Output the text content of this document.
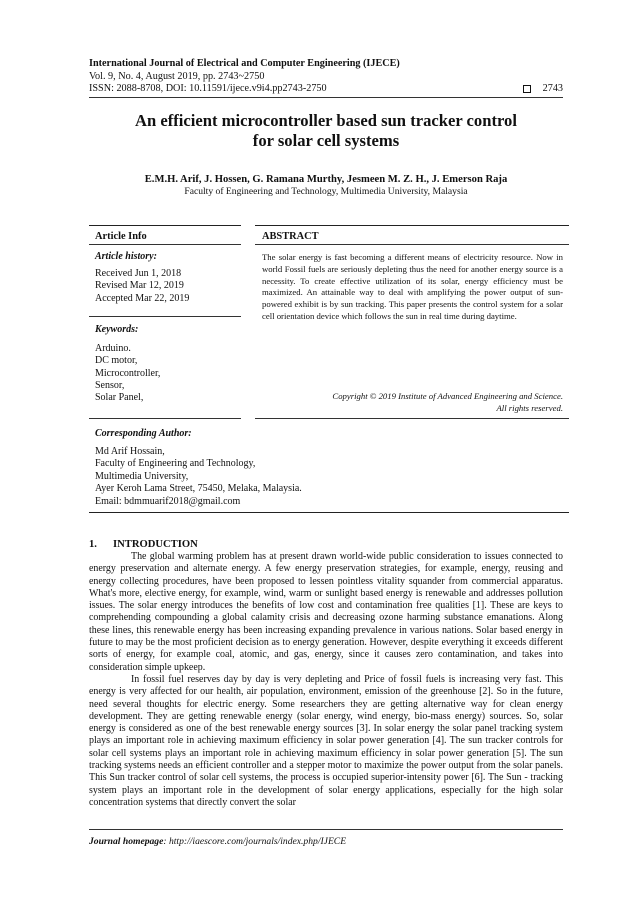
International Journal of Electrical and Computer Engineering (IJECE)
Vol. 9, No. 4, August 2019, pp. 2743~2750
ISSN: 2088-8708, DOI: 10.11591/ijece.v9i4.pp2743-2750	2743
An efficient microcontroller based sun tracker control
for solar cell systems
E.M.H. Arif, J. Hossen, G. Ramana Murthy, Jesmeen M. Z. H., J. Emerson Raja
Faculty of Engineering and Technology, Multimedia University, Malaysia
Article Info	ABSTRACT
Article history:
Received Jun 1, 2018
Revised Mar 12, 2019
Accepted Mar 22, 2019
Keywords:
Arduino.
DC motor,
Microcontroller,
Sensor,
Solar Panel,
The solar energy is fast becoming a different means of electricity resource. Now in world Fossil fuels are seriously depleting thus the need for another energy source is a necessity. To create effective utilization of its solar, energy efficiency must be maximized. An attainable way to deal with amplifying the power output of sun-powered exhibit is by sun tracking. This paper presents the control system for a solar cell orientation device which follows the sun in real time during daytime.
Copyright © 2019 Institute of Advanced Engineering and Science.
All rights reserved.
Corresponding Author:
Md Arif Hossain,
Faculty of Engineering and Technology,
Multimedia University,
Ayer Keroh Lama Street, 75450, Melaka, Malaysia.
Email: bdmmuarif2018@gmail.com
1. INTRODUCTION

The global warming problem has at present drawn world-wide public consideration to issues connected to energy preservation and alternate energy. A few energy preservation strategies, for example, energy, reusing and energy collecting procedures, have been proposed to lessen pointless vitality squander from commercial apparatus. What's more, elective energy, for example, wind, warm or sunlight based energy is renewable and addresses pollution issues. The solar energy introduces the benefits of low cost and contamination free qualities [1]. These are keys to comprehending compounding a global calamity crisis and decreasing ozone harming substance emanations. Along these lines, this renewable energy has been increasing expanding prevalence in various nations. Solar based energy in future to may be the most proficient decision as to energy generation. However, despite everything it exceeds different sorts of energy, for example coal, atomic, and gas, energy, since it causes zero contamination, and takes into consideration simple upkeep.

In fossil fuel reserves day by day is very depleting and Price of fossil fuels is increasing very fast. This energy is very affected for our health, air population, environment, emission of the greenhouse [2]. So in the future, need several thoughts for electric energy. Some researchers they are getting alternative way for clean energy development. They are getting renewable energy (solar energy, wind energy, bio-mass energy) sources. So, solar energy is considered as one of the best renewable energy sources [3]. In solar energy the solar panel tracking system plays an important role in achieving maximum efficiency in solar power generation [4]. The sun tracker controls for solar cell systems plays an important role in achieving maximum efficiency in solar power generation [5]. The sun tracking systems needs an efficient controller and a stepper motor to maximize the power output from the solar panels. This Sun tracker control of solar cell systems, the process is occupied superior-intensity power [6]. The Sun - tracking system plays an important role in the development of solar energy applications, especially for the high solar concentration systems that directly convert the solar

Journal homepage: http://iaescore.com/journals/index.php/IJECE
